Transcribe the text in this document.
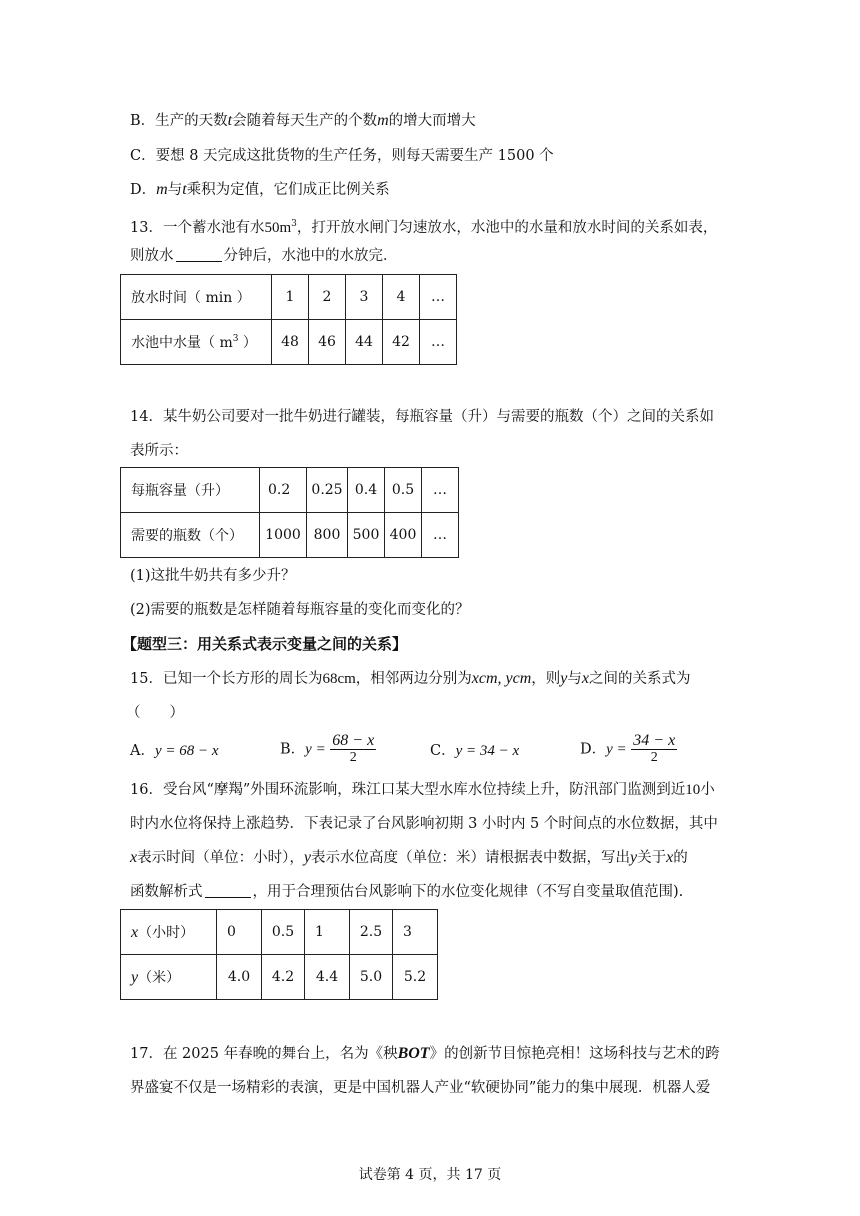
B．生产的天数t会随着每天生产的个数m的增大而增大
C．要想 8 天完成这批货物的生产任务，则每天需要生产 1500 个
D．m与t乘积为定值，它们成正比例关系
13．一个蓄水池有水$50m^3$，打开放水闸门匀速放水，水池中的水量和放水时间的关系如表，
则放水	分钟后，水池中的水放完．
放水时间（ min ）	1	2	3	4	…
水池中水量（ $m^3$ ）	48	46	44	42	…
14．某牛奶公司要对一批牛奶进行罐装，每瓶容量（升）与需要的瓶数（个）之间的关系如
表所示：
每瓶容量（升）	0.2	0.25	0.4	0.5	…
需要的瓶数（个）	1000	800	500	400	…
(1)这批牛奶共有多少升？
(2)需要的瓶数是怎样随着每瓶容量的变化而变化的？
【题型三：用关系式表示变量之间的关系】
15．已知一个长方形的周长为68cm，相邻两边分别为xcm, ycm，则y与x之间的关系式为
（　　）
A．y = 68 − x	B．$y = \frac{68 - x}{2}$	C．y = 34 − x	D．$y = \frac{34 - x}{2}$
16．受台风“摩羯”外围环流影响，珠江口某大型水库水位持续上升，防汛部门监测到近10小
时内水位将保持上涨趋势．下表记录了台风影响初期 3 小时内 5 个时间点的水位数据，其中
x表示时间（单位：小时），y表示水位高度（单位：米）请根据表中数据，写出y关于x的
函数解析式	，用于合理预估台风影响下的水位变化规律（不写自变量取值范围).
x（小时）	0	0.5	1	2.5	3
y（米）	4.0	4.2	4.4	5.0	5.2
17．在 2025 年春晚的舞台上，名为《秧BOT》的创新节目惊艳亮相！这场科技与艺术的跨
界盛宴不仅是一场精彩的表演，更是中国机器人产业“软硬协同”能力的集中展现．机器人爱
试卷第 4 页，共 17 页
